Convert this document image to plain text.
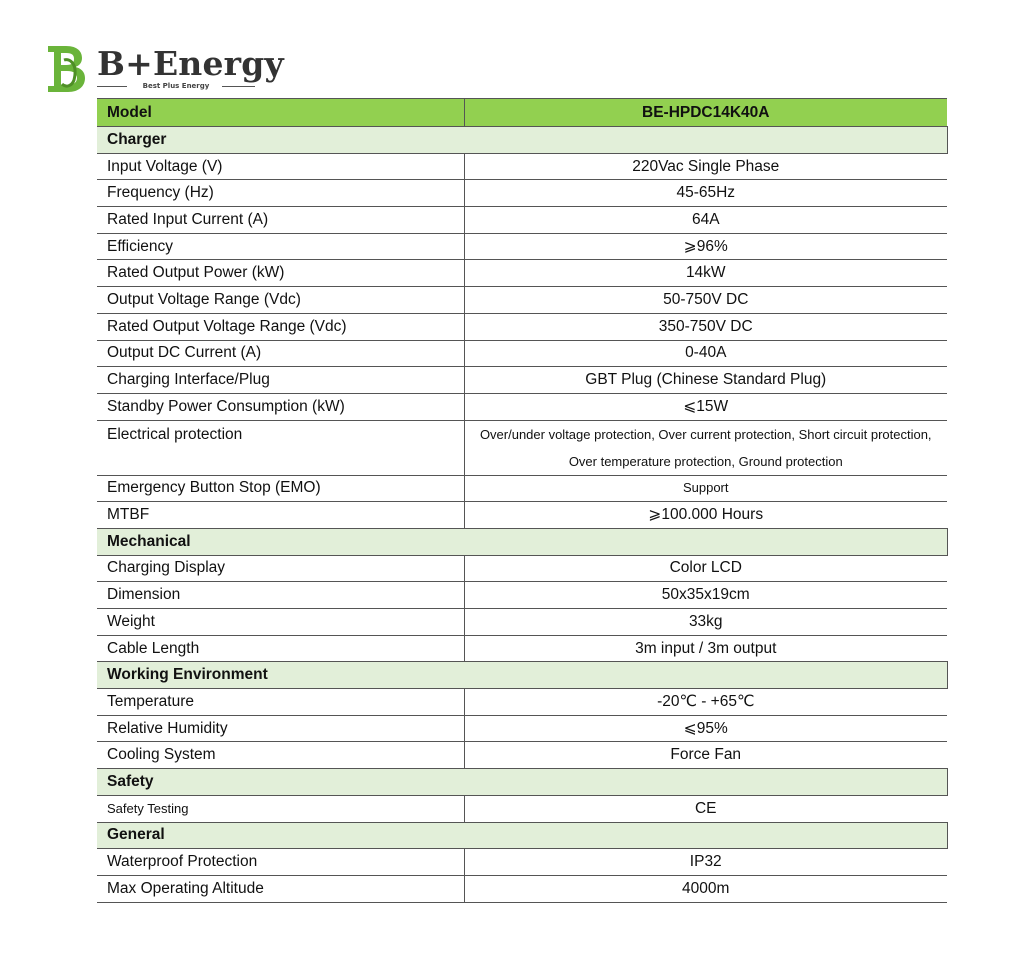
B+Energy
Best Plus Energy
Model	BE-HPDC14K40A
Charger	
Input Voltage (V)	220Vac Single Phase
Frequency (Hz)	45-65Hz
Rated Input Current (A)	64A
Efficiency	⩾96%
Rated Output Power (kW)	14kW
Output Voltage Range (Vdc)	50-750V DC
Rated Output Voltage Range (Vdc)	350-750V DC
Output DC Current (A)	0-40A
Charging Interface/Plug	GBT Plug (Chinese Standard Plug)
Standby Power Consumption (kW)	⩽15W
Electrical protection	Over/under voltage protection, Over current protection, Short circuit protection, Over temperature protection, Ground protection
Emergency Button Stop (EMO)	Support
MTBF	⩾100.000 Hours
Mechanical	
Charging Display	Color LCD
Dimension	50x35x19cm
Weight	33kg
Cable Length	3m input / 3m output
Working Environment	
Temperature	-20℃ - +65℃
Relative Humidity	⩽95%
Cooling System	Force Fan
Safety	
Safety Testing	CE
General	
Waterproof Protection	IP32
Max Operating Altitude	4000m
